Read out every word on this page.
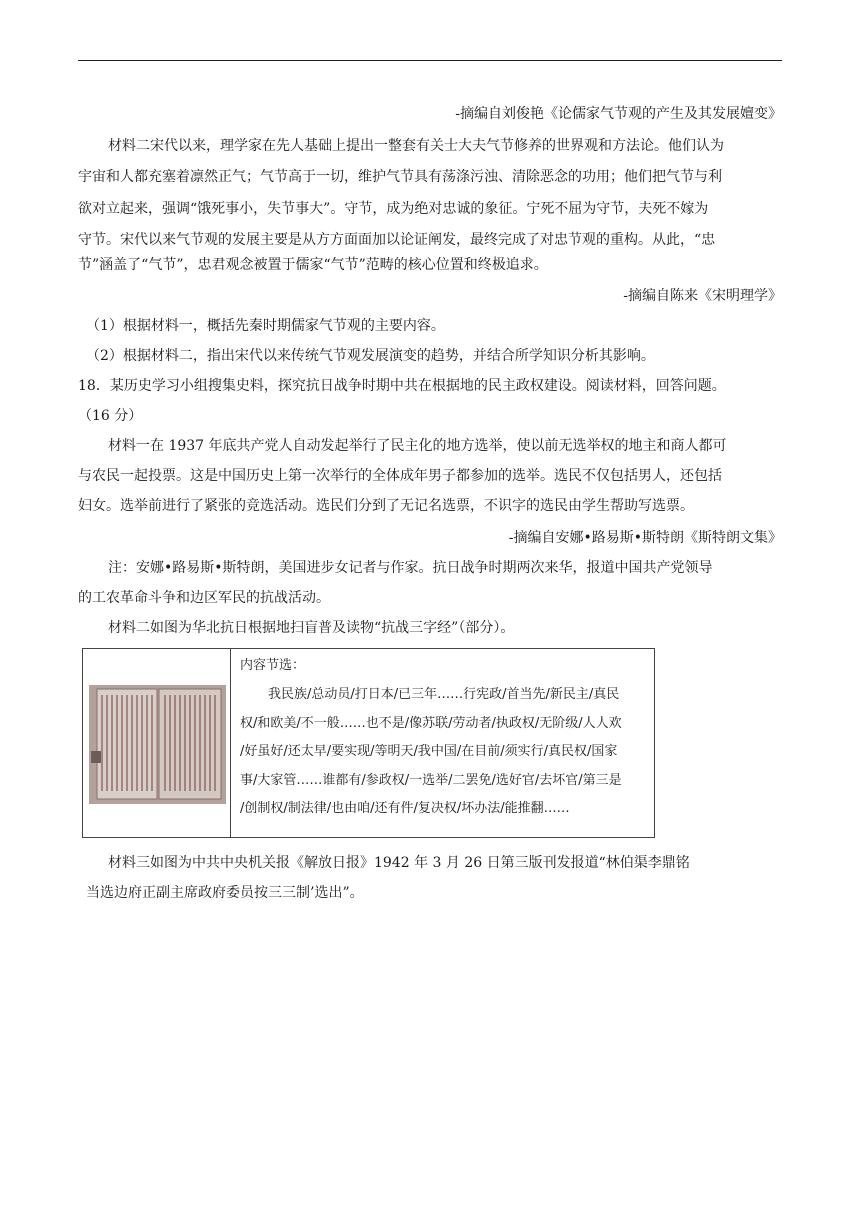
-摘编自刘俊艳《论儒家气节观的产生及其发展嬗变》
材料二宋代以来，理学家在先人基础上提出一整套有关士大夫气节修养的世界观和方法论。他们认为
宇宙和人都充塞着凛然正气；气节高于一切，维护气节具有荡涤污浊、清除恶念的功用；他们把气节与利
欲对立起来，强调“饿死事小，失节事大”。守节，成为绝对忠诚的象征。宁死不屈为守节，夫死不嫁为
守节。宋代以来气节观的发展主要是从方方面面加以论证阐发，最终完成了对忠节观的重构。从此，“忠
节”涵盖了“气节”，忠君观念被置于儒家“气节”范畴的核心位置和终极追求。
-摘编自陈来《宋明理学》
（1）根据材料一，概括先秦时期儒家气节观的主要内容。
（2）根据材料二，指出宋代以来传统气节观发展演变的趋势，并结合所学知识分析其影响。
18．某历史学习小组搜集史料，探究抗日战争时期中共在根据地的民主政权建设。阅读材料，回答问题。
（16 分）
材料一在 1937 年底共产党人自动发起举行了民主化的地方选举，使以前无选举权的地主和商人都可
与农民一起投票。这是中国历史上第一次举行的全体成年男子都参加的选举。选民不仅包括男人，还包括
妇女。选举前进行了紧张的竞选活动。选民们分到了无记名选票，不识字的选民由学生帮助写选票。
-摘编自安娜•路易斯•斯特朗《斯特朗文集》
注：安娜•路易斯•斯特朗，美国进步女记者与作家。抗日战争时期两次来华，报道中国共产党领导
的工农革命斗争和边区军民的抗战活动。
材料二如图为华北抗日根据地扫盲普及读物“抗战三字经”（部分）。
内容节选：
我民族/总动员/打日本/已三年……行宪政/首当先/新民主/真民
权/和欧美/不一般……也不是/像苏联/劳动者/执政权/无阶级/人人欢
/好虽好/还太早/要实现/等明天/我中国/在目前/须实行/真民权/国家
事/大家管……谁都有/参政权/一选举/二罢免/选好官/去坏官/第三是
/创制权/制法律/也由咱/还有件/复决权/坏办法/能推翻……
材料三如图为中共中央机关报《解放日报》1942 年 3 月 26 日第三版刊发报道“林伯渠李鼎铭
当选边府正副主席政府委员按三三制’选出”。
